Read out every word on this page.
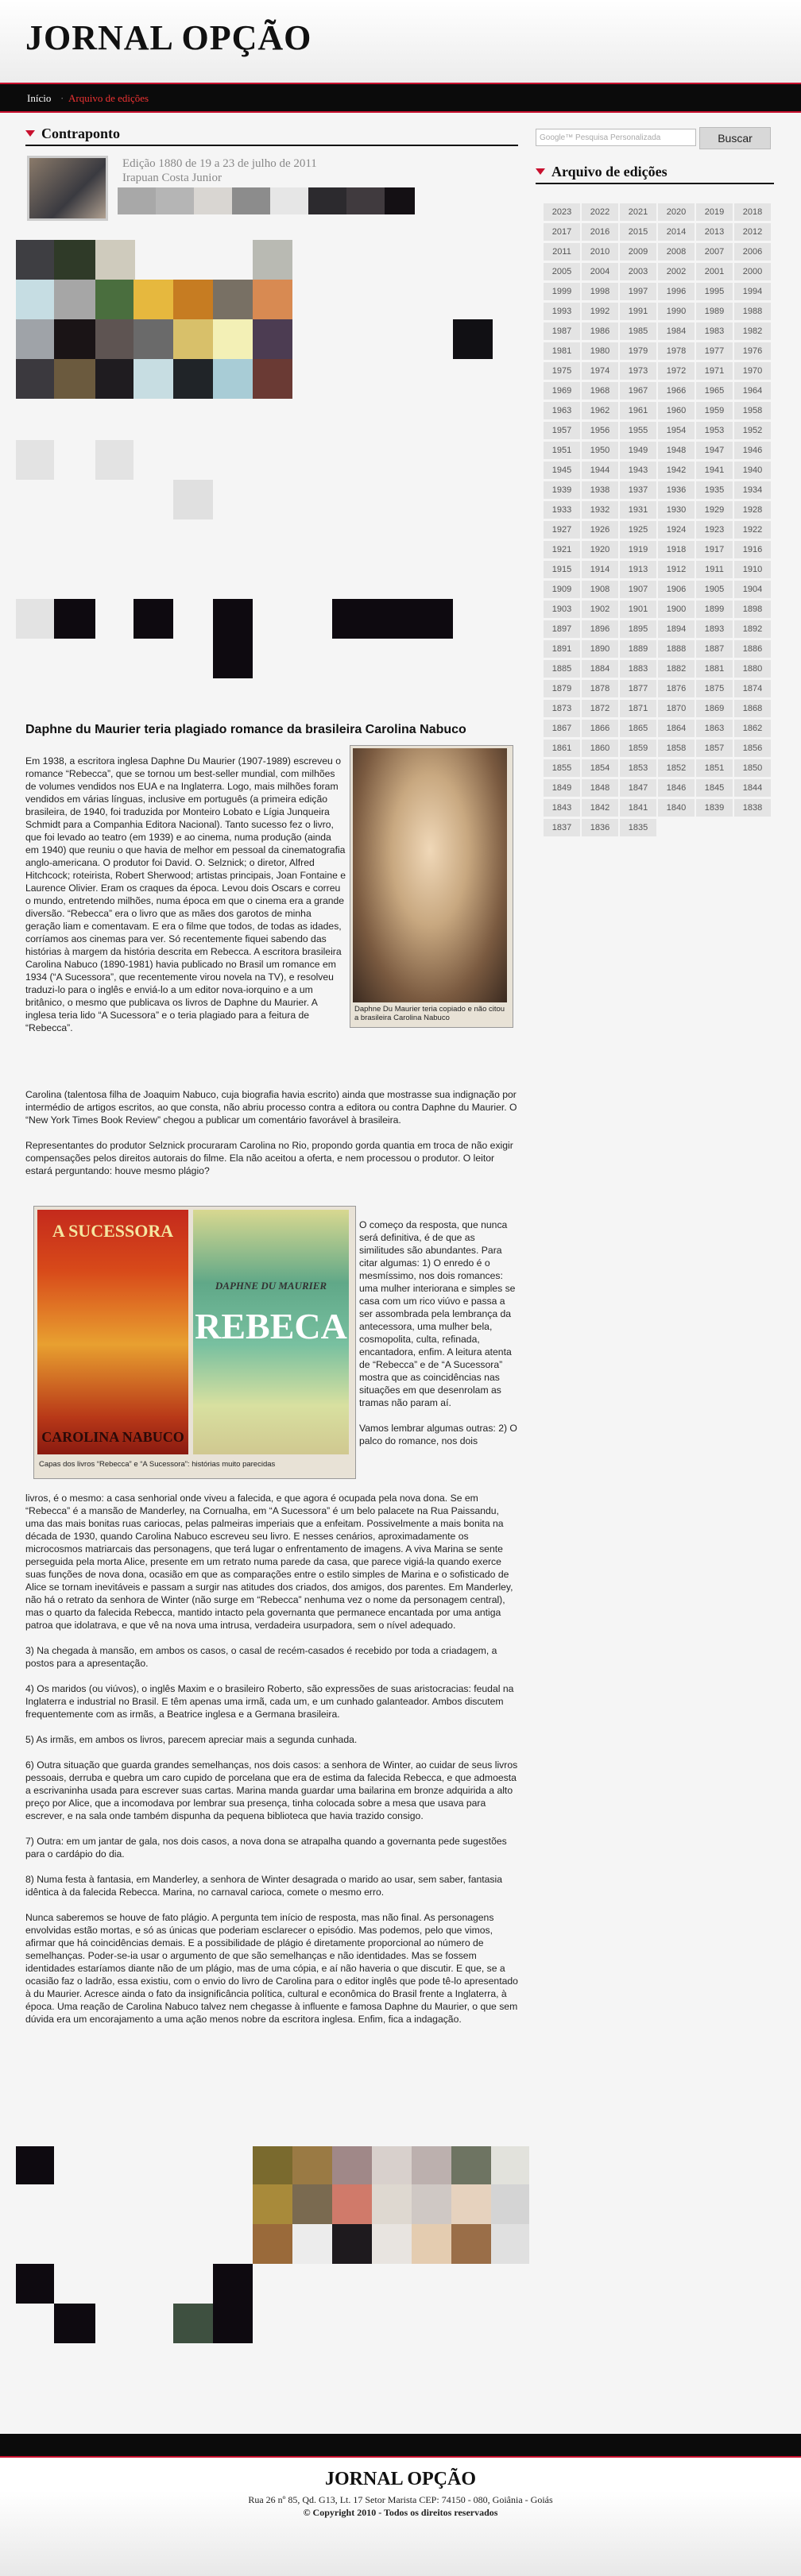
JORNAL OPÇÃO
Início · Arquivo de edições
Contraponto
Edição 1880 de 19 a 23 de julho de 2011
Irapuan Costa Junior
Daphne du Maurier teria plagiado romance da brasileira Carolina Nabuco
Daphne Du Maurier teria copiado e não citou a brasileira Carolina Nabuco

Em 1938, a escritora inglesa Daphne Du Maurier (1907-1989) escreveu o romance “Rebecca”, que se tornou um best-seller mundial, com milhões de volumes vendidos nos EUA e na Inglaterra. Logo, mais milhões foram vendidos em várias línguas, inclusive em português (a primeira edição brasileira, de 1940, foi traduzida por Monteiro Lobato e Lígia Junqueira Schmidt para a Companhia Editora Nacional). Tanto sucesso fez o livro, que foi levado ao teatro (em 1939) e ao cinema, numa produção (ainda em 1940) que reuniu o que havia de melhor em pessoal da cinematografia anglo-americana. O produtor foi David. O. Selznick; o diretor, Alfred Hitchcock; roteirista, Robert Sherwood; artistas principais, Joan Fontaine e Laurence Olivier. Eram os craques da época. Levou dois Oscars e correu o mundo, entretendo milhões, numa época em que o cinema era a grande diversão. “Rebecca” era o livro que as mães dos garotos de minha geração liam e comentavam. E era o filme que todos, de todas as idades, corríamos aos cinemas para ver. Só recentemente fiquei sabendo das histórias à margem da história descrita em Rebecca. A escritora brasileira Carolina Nabuco (1890-1981) havia publicado no Brasil um romance em 1934 (“A Sucessora”, que recentemente virou novela na TV), e resolveu traduzi-lo para o inglês e enviá-lo a um editor nova-iorquino e a um britânico, o mesmo que publicava os livros de Daphne du Maurier. A inglesa teria lido “A Sucessora” e o teria plagiado para a feitura de “Rebecca”.

Carolina (talentosa filha de Joaquim Nabuco, cuja biografia havia escrito) ainda que mostrasse sua indignação por intermédio de artigos escritos, ao que consta, não abriu processo contra a editora ou contra Daphne du Maurier. O “New York Times Book Review” chegou a publicar um comentário favorável à brasileira.

Representantes do produtor Selznick procuraram Carolina no Rio, propondo gorda quantia em troca de não exigir compensações pelos direitos autorais do filme. Ela não aceitou a oferta, e nem processou o produtor. O leitor estará perguntando: houve mesmo plágio?

A SUCESSORA
CAROLINA NABUCO
DAPHNE DU MAURIER
REBECA
Capas dos livros “Rebecca” e “A Sucessora”: histórias muito parecidas

O começo da resposta, que nunca será definitiva, é de que as similitudes são abundantes. Para citar algumas: 1) O enredo é o mesmíssimo, nos dois romances: uma mulher interiorana e simples se casa com um rico viúvo e passa a ser assombrada pela lembrança da antecessora, uma mulher bela, cosmopolita, culta, refinada, encantadora, enfim. A leitura atenta de “Rebecca” e de “A Sucessora” mostra que as coincidências nas situações em que desenrolam as tramas não param aí.

Vamos lembrar algumas outras: 2) O palco do romance, nos dois

livros, é o mesmo: a casa senhorial onde viveu a falecida, e que agora é ocupada pela nova dona. Se em “Rebecca” é a mansão de Manderley, na Cornualha, em “A Sucessora” é um belo palacete na Rua Paissandu, uma das mais bonitas ruas cariocas, pelas palmeiras imperiais que a enfeitam. Possivelmente a mais bonita na década de 1930, quando Carolina Nabuco escreveu seu livro. E nesses cenários, aproximadamente os microcosmos matriarcais das personagens, que terá lugar o enfrentamento de imagens. A viva Marina se sente perseguida pela morta Alice, presente em um retrato numa parede da casa, que parece vigiá-la quando exerce suas funções de nova dona, ocasião em que as comparações entre o estilo simples de Marina e o sofisticado de Alice se tornam inevitáveis e passam a surgir nas atitudes dos criados, dos amigos, dos parentes. Em Manderley, não há o retrato da senhora de Winter (não surge em “Rebecca” nenhuma vez o nome da personagem central), mas o quarto da falecida Rebecca, mantido intacto pela governanta que permanece encantada por uma antiga patroa que idolatrava, e que vê na nova uma intrusa, verdadeira usurpadora, sem o nível adequado.

3) Na chegada à mansão, em ambos os casos, o casal de recém-casados é recebido por toda a criadagem, a postos para a apresentação.

4) Os maridos (ou viúvos), o inglês Maxim e o brasileiro Roberto, são expressões de suas aristocracias: feudal na Inglaterra e industrial no Brasil. E têm apenas uma irmã, cada um, e um cunhado galanteador. Ambos discutem frequentemente com as irmãs, a Beatrice inglesa e a Germana brasileira.

5) As irmãs, em ambos os livros, parecem apreciar mais a segunda cunhada.

6) Outra situação que guarda grandes semelhanças, nos dois casos: a senhora de Winter, ao cuidar de seus livros pessoais, derruba e quebra um caro cupido de porcelana que era de estima da falecida Rebecca, e que admoesta a escrivaninha usada para escrever suas cartas. Marina manda guardar uma bailarina em bronze adquirida a alto preço por Alice, que a incomodava por lembrar sua presença, tinha colocada sobre a mesa que usava para escrever, e na sala onde também dispunha da pequena biblioteca que havia trazido consigo.

7) Outra: em um jantar de gala, nos dois casos, a nova dona se atrapalha quando a governanta pede sugestões para o cardápio do dia.

8) Numa festa à fantasia, em Manderley, a senhora de Winter desagrada o marido ao usar, sem saber, fantasia idêntica à da falecida Rebecca. Marina, no carnaval carioca, comete o mesmo erro.

Nunca saberemos se houve de fato plágio. A pergunta tem início de resposta, mas não final. As personagens envolvidas estão mortas, e só as únicas que poderiam esclarecer o episódio. Mas podemos, pelo que vimos, afirmar que há coincidências demais. E a possibilidade de plágio é diretamente proporcional ao número de semelhanças. Poder-se-ia usar o argumento de que são semelhanças e não identidades. Mas se fossem identidades estaríamos diante não de um plágio, mas de uma cópia, e aí não haveria o que discutir. E que, se a ocasião faz o ladrão, essa existiu, com o envio do livro de Carolina para o editor inglês que pode tê-lo apresentado à du Maurier. Acresce ainda o fato da insignificância política, cultural e econômica do Brasil frente a Inglaterra, à época. Uma reação de Carolina Nabuco talvez nem chegasse à influente e famosa Daphne du Maurier, o que sem dúvida era um encorajamento a uma ação menos nobre da escritora inglesa. Enfim, fica a indagação.

Google™ Pesquisa Personalizada	Buscar
Arquivo de edições
2023	2022	2021	2020	2019	2018
2017	2016	2015	2014	2013	2012
2011	2010	2009	2008	2007	2006
2005	2004	2003	2002	2001	2000
1999	1998	1997	1996	1995	1994
1993	1992	1991	1990	1989	1988
1987	1986	1985	1984	1983	1982
1981	1980	1979	1978	1977	1976
1975	1974	1973	1972	1971	1970
1969	1968	1967	1966	1965	1964
1963	1962	1961	1960	1959	1958
1957	1956	1955	1954	1953	1952
1951	1950	1949	1948	1947	1946
1945	1944	1943	1942	1941	1940
1939	1938	1937	1936	1935	1934
1933	1932	1931	1930	1929	1928
1927	1926	1925	1924	1923	1922
1921	1920	1919	1918	1917	1916
1915	1914	1913	1912	1911	1910
1909	1908	1907	1906	1905	1904
1903	1902	1901	1900	1899	1898
1897	1896	1895	1894	1893	1892
1891	1890	1889	1888	1887	1886
1885	1884	1883	1882	1881	1880
1879	1878	1877	1876	1875	1874
1873	1872	1871	1870	1869	1868
1867	1866	1865	1864	1863	1862
1861	1860	1859	1858	1857	1856
1855	1854	1853	1852	1851	1850
1849	1848	1847	1846	1845	1844
1843	1842	1841	1840	1839	1838
1837	1836	1835
JORNAL OPÇÃO
Rua 26 nº 85, Qd. G13, Lt. 17 Setor Marista CEP: 74150 - 080, Goiânia - Goiás
© Copyright 2010 - Todos os direitos reservados
